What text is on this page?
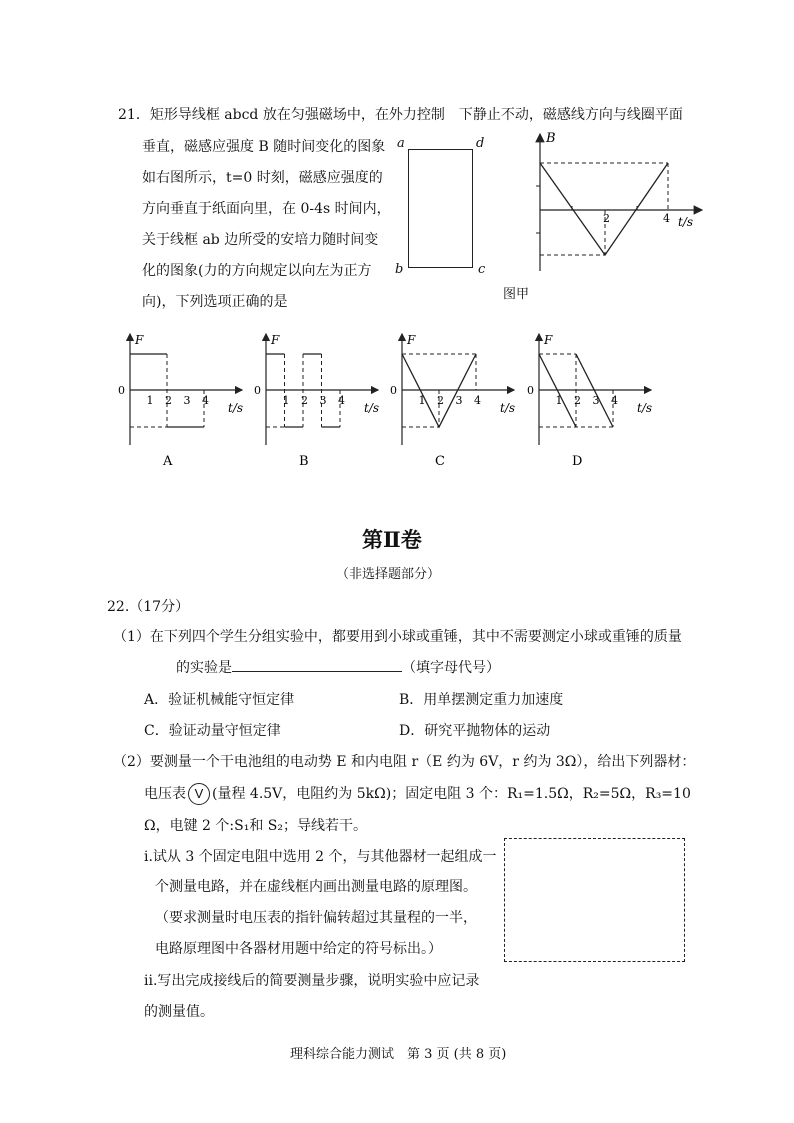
21．矩形导线框 abcd 放在匀强磁场中，在外力控制　下静止不动，磁感线方向与线圈平面
垂直，磁感应强度 B 随时间变化的图象
如右图所示，t=0 时刻，磁感应强度的
方向垂直于纸面向里，在 0-4s 时间内，
关于线框 ab 边所受的安培力随时间变
化的图象(力的方向规定以向左为正方
向)，下列选项正确的是
a	d
b	c
B
2	4 t/s
图甲
F
0
1 2 3 4
t/s
A
F
0
1 2 3 4
t/s
B
F
0
1 2 3 4
t/s
C
F
0
1 2 3 4
t/s
D
第Ⅱ卷
（非选择题部分）
22.（17分）
（1）在下列四个学生分组实验中，都要用到小球或重锤，其中不需要测定小球或重锤的质量
的实验是	（填字母代号）
A．验证机械能守恒定律	B．用单摆测定重力加速度
C．验证动量守恒定律	D．研究平抛物体的运动
（2）要测量一个干电池组的电动势 E 和内电阻 r（E 约为 6V，r 约为 3Ω），给出下列器材：
电压表 V (量程 4.5V，电阻约为 5kΩ)；固定电阻 3 个：R₁=1.5Ω，R₂=5Ω，R₃=10
Ω，电键 2 个:S₁和 S₂；导线若干。
i.试从 3 个固定电阻中选用 2 个，与其他器材一起组成一
个测量电路，并在虚线框内画出测量电路的原理图。
（要求测量时电压表的指针偏转超过其量程的一半，
电路原理图中各器材用题中给定的符号标出。）
ii.写出完成接线后的简要测量步骤，说明实验中应记录
的测量值。
理科综合能力测试　第 3 页 (共 8 页)
